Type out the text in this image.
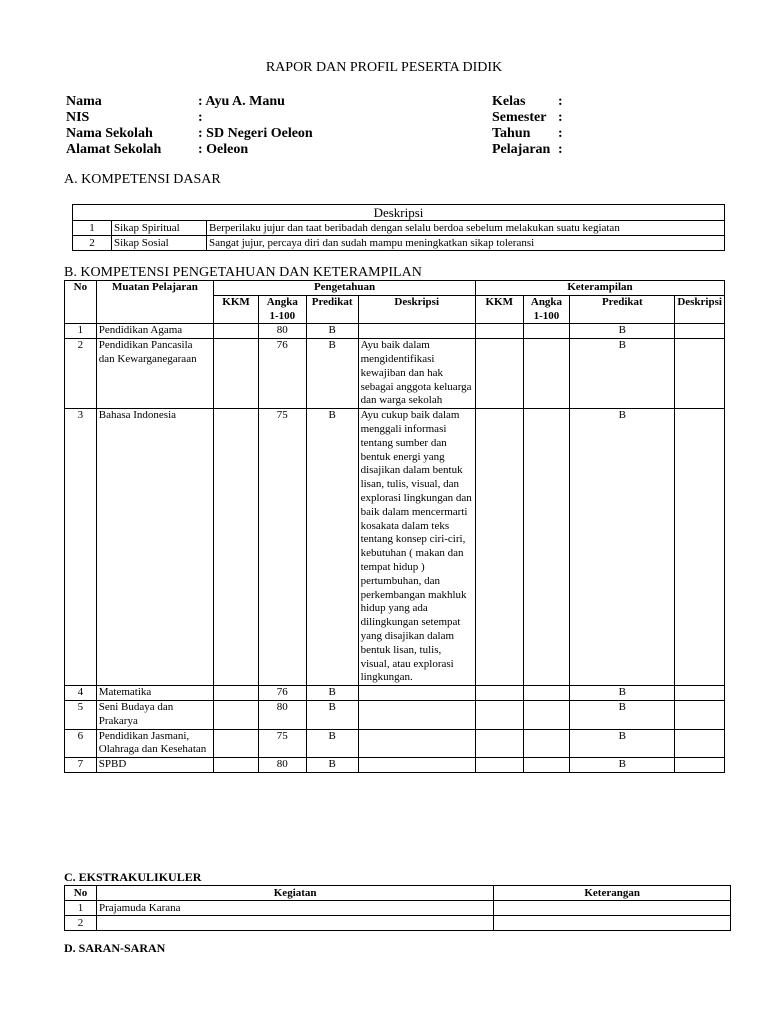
RAPOR DAN PROFIL PESERTA DIDIK
Nama	: Ayu A. Manu
NIS	:
Nama Sekolah	: SD Negeri Oeleon
Alamat Sekolah	: Oeleon
Kelas :
Semester :
Tahun :
Pelajaran :
A. KOMPETENSI DASAR
Deskripsi		
1	Sikap Spiritual	Berperilaku jujur dan taat beribadah dengan selalu berdoa sebelum melakukan suatu kegiatan
2	Sikap Sosial	Sangat jujur, percaya diri dan sudah mampu meningkatkan sikap toleransi
B. KOMPETENSI PENGETAHUAN DAN KETERAMPILAN
No	Muatan Pelajaran	Pengetahuan				Keterampilan			
		KKM	Angka 1-100	Predikat	Deskripsi	KKM	Angka 1-100	Predikat	Deskripsi
1	Pendidikan Agama		80	B				B	
2	Pendidikan Pancasila dan Kewarganegaraan		76	B	Ayu baik dalam mengidentifikasi kewajiban dan hak sebagai anggota keluarga dan warga sekolah			B	
3	Bahasa Indonesia		75	B	Ayu cukup baik dalam menggali informasi tentang sumber dan bentuk energi yang disajikan dalam bentuk lisan, tulis, visual, dan explorasi lingkungan dan baik dalam mencermarti kosakata dalam teks tentang konsep ciri-ciri, kebutuhan ( makan dan tempat hidup ) pertumbuhan, dan perkembangan makhluk hidup yang ada dilingkungan setempat yang disajikan dalam bentuk lisan, tulis, visual, atau explorasi lingkungan.			B	
4	Matematika		76	B				B	
5	Seni Budaya dan Prakarya		80	B				B	
6	Pendidikan Jasmani, Olahraga dan Kesehatan		75	B				B	
7	SPBD		80	B				B	
C. EKSTRAKULIKULER
No	Kegiatan	Keterangan
1	Prajamuda Karana	
2		
D. SARAN-SARAN
